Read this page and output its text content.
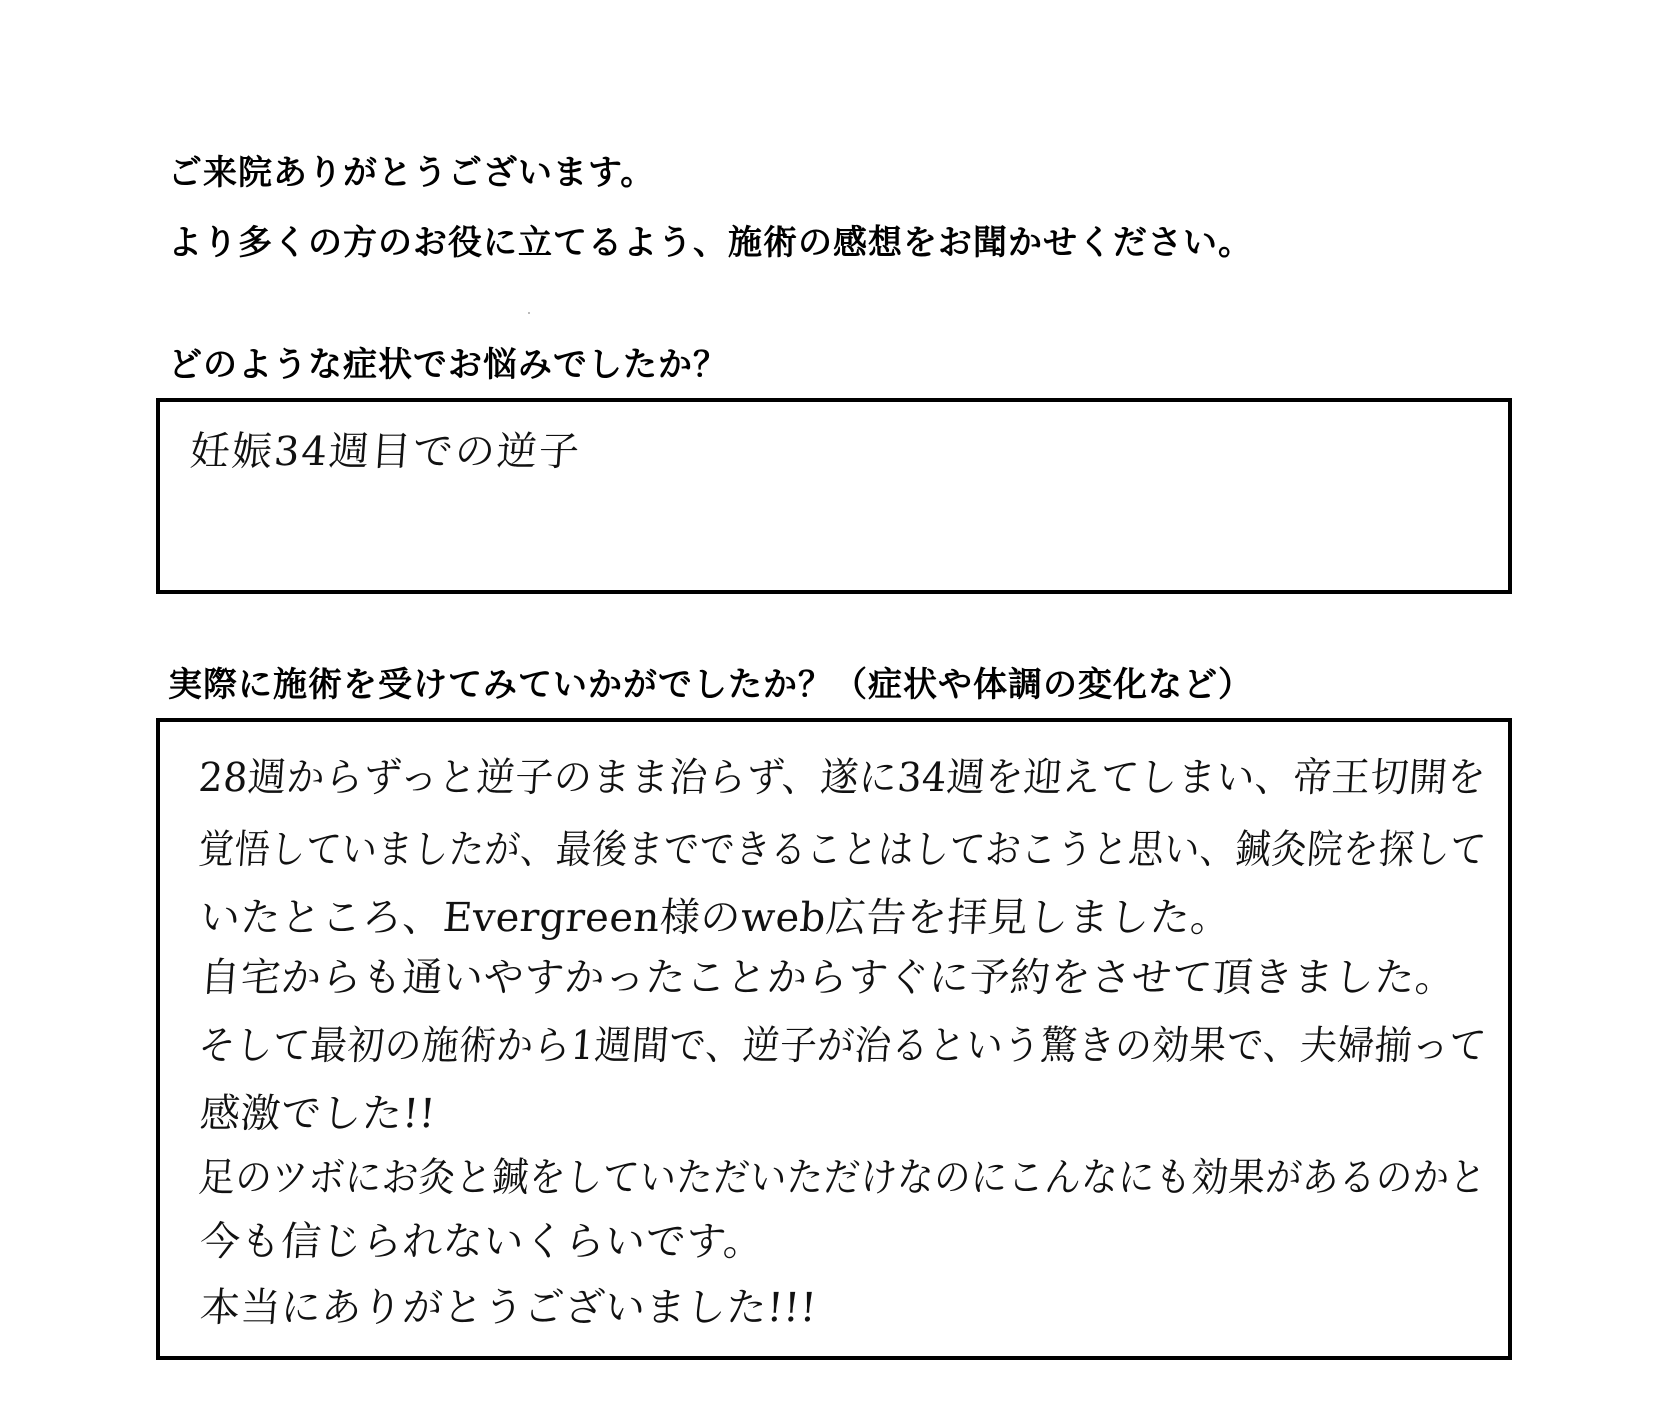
ご来院ありがとうございます。
より多くの方のお役に立てるよう、施術の感想をお聞かせください。
どのような症状でお悩みでしたか？
妊娠34週目での逆子
実際に施術を受けてみていかがでしたか？（症状や体調の変化など）
28週からずっと逆子のまま治らず、遂に34週を迎えてしまい、帝王切開を
覚悟していましたが、最後までできることはしておこうと思い、鍼灸院を探して
いたところ、Evergreen様のweb広告を拝見しました。
自宅からも通いやすかったことからすぐに予約をさせて頂きました。
そして最初の施術から1週間で、逆子が治るという驚きの効果で、夫婦揃って
感激でした!!
足のツボにお灸と鍼をしていただいただけなのにこんなにも効果があるのかと
今も信じられないくらいです。
本当にありがとうございました!!!
